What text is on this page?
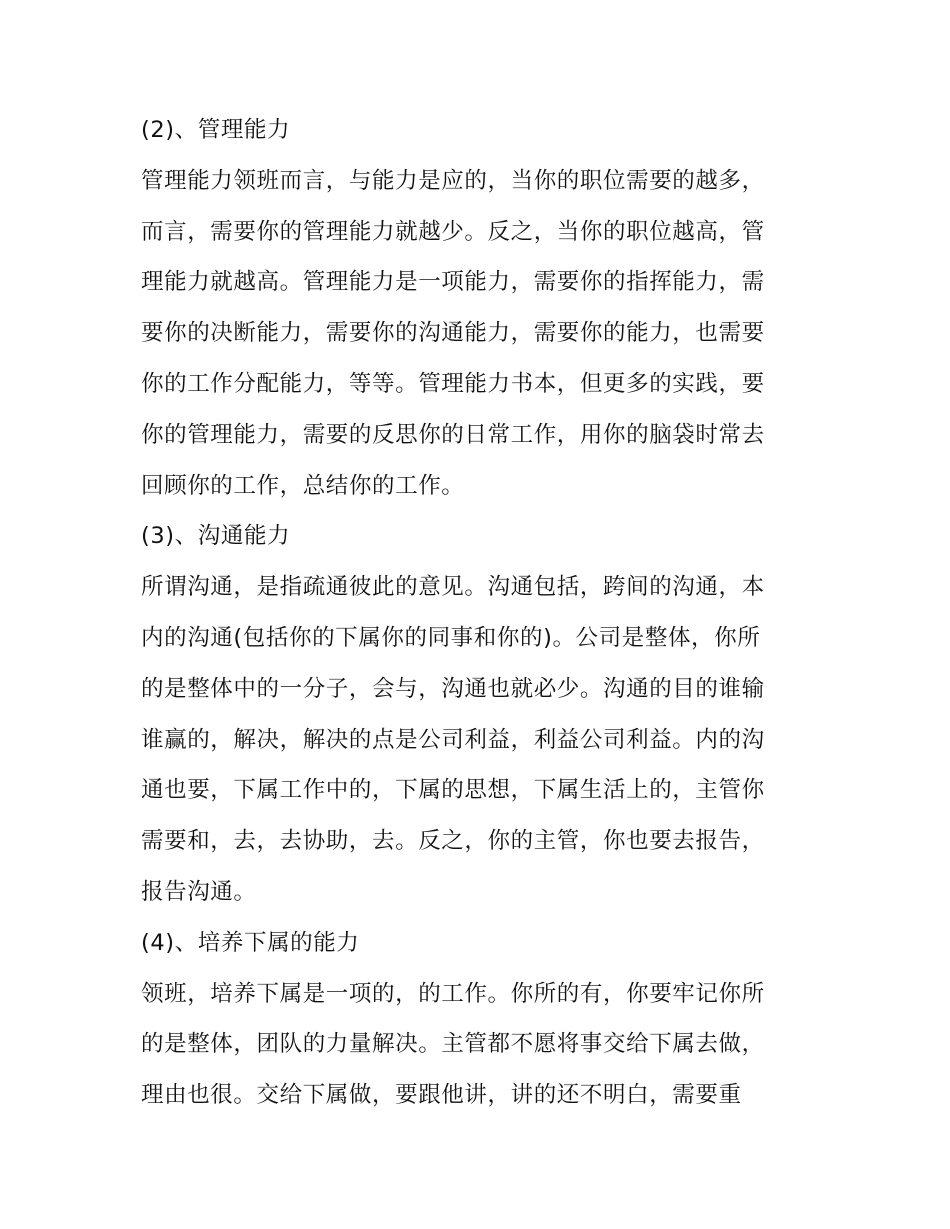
(2)、管理能力
管理能力领班而言，与能力是应的，当你的职位需要的越多，
而言，需要你的管理能力就越少。反之，当你的职位越高，管
理能力就越高。管理能力是一项能力，需要你的指挥能力，需
要你的决断能力，需要你的沟通能力，需要你的能力，也需要
你的工作分配能力，等等。管理能力书本，但更多的实践，要
你的管理能力，需要的反思你的日常工作，用你的脑袋时常去
回顾你的工作，总结你的工作。
(3)、沟通能力
所谓沟通，是指疏通彼此的意见。沟通包括，跨间的沟通，本
内的沟通(包括你的下属你的同事和你的)。公司是整体，你所
的是整体中的一分子，会与，沟通也就必少。沟通的目的谁输
谁赢的，解决，解决的点是公司利益，利益公司利益。内的沟
通也要，下属工作中的，下属的思想，下属生活上的，主管你
需要和，去，去协助，去。反之，你的主管，你也要去报告，
报告沟通。
(4)、培养下属的能力
领班，培养下属是一项的，的工作。你所的有，你要牢记你所
的是整体，团队的力量解决。主管都不愿将事交给下属去做，
理由也很。交给下属做，要跟他讲，讲的还不明白，需要重
